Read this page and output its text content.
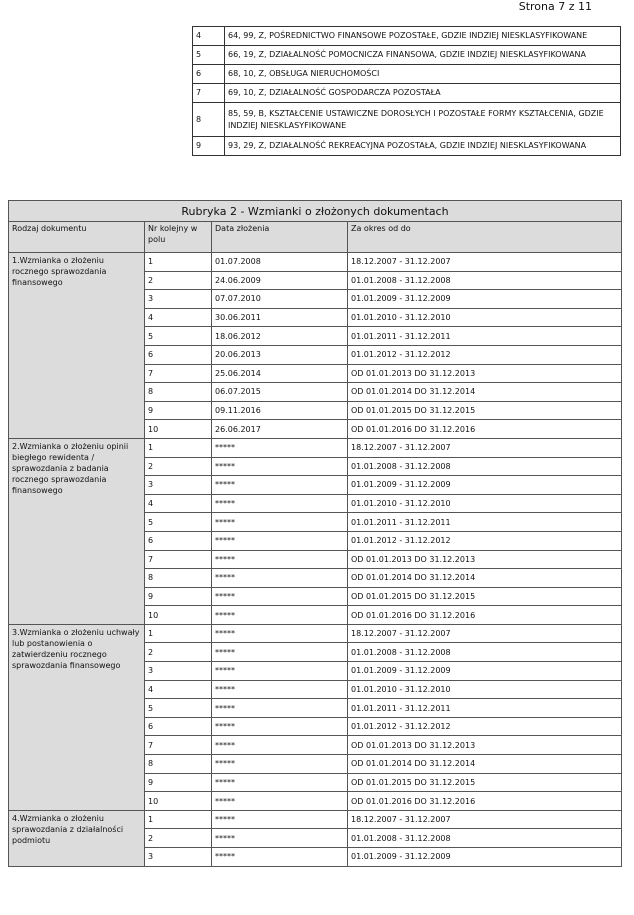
Strona 7 z 11
4	64, 99, Z, POŚREDNICTWO FINANSOWE POZOSTAŁE, GDZIE INDZIEJ NIESKLASYFIKOWANE
5	66, 19, Z, DZIAŁALNOŚĆ POMOCNICZA FINANSOWA, GDZIE INDZIEJ NIESKLASYFIKOWANA
6	68, 10, Z, OBSŁUGA NIERUCHOMOŚCI
7	69, 10, Z, DZIAŁALNOŚĆ GOSPODARCZA POZOSTAŁA
8	85, 59, B, KSZTAŁCENIE USTAWICZNE DOROSŁYCH I POZOSTAŁE FORMY KSZTAŁCENIA, GDZIE INDZIEJ NIESKLASYFIKOWANE
9	93, 29, Z, DZIAŁALNOŚĆ REKREACYJNA POZOSTAŁA, GDZIE INDZIEJ NIESKLASYFIKOWANA
Rubryka 2 - Wzmianki o złożonych dokumentach			
Rodzaj dokumentu	Nr kolejny w polu	Data złożenia	Za okres od do
1.Wzmianka o złożeniu rocznego sprawozdania finansowego	1	01.07.2008	18.12.2007 - 31.12.2007
	2	24.06.2009	01.01.2008 - 31.12.2008
	3	07.07.2010	01.01.2009 - 31.12.2009
	4	30.06.2011	01.01.2010 - 31.12.2010
	5	18.06.2012	01.01.2011 - 31.12.2011
	6	20.06.2013	01.01.2012 - 31.12.2012
	7	25.06.2014	OD 01.01.2013 DO 31.12.2013
	8	06.07.2015	OD 01.01.2014 DO 31.12.2014
	9	09.11.2016	OD 01.01.2015 DO 31.12.2015
	10	26.06.2017	OD 01.01.2016 DO 31.12.2016
2.Wzmianka o złożeniu opinii biegłego rewidenta / sprawozdania z badania rocznego sprawozdania finansowego	1	*****	18.12.2007 - 31.12.2007
	2	*****	01.01.2008 - 31.12.2008
	3	*****	01.01.2009 - 31.12.2009
	4	*****	01.01.2010 - 31.12.2010
	5	*****	01.01.2011 - 31.12.2011
	6	*****	01.01.2012 - 31.12.2012
	7	*****	OD 01.01.2013 DO 31.12.2013
	8	*****	OD 01.01.2014 DO 31.12.2014
	9	*****	OD 01.01.2015 DO 31.12.2015
	10	*****	OD 01.01.2016 DO 31.12.2016
3.Wzmianka o złożeniu uchwały lub postanowienia o zatwierdzeniu rocznego sprawozdania finansowego	1	*****	18.12.2007 - 31.12.2007
	2	*****	01.01.2008 - 31.12.2008
	3	*****	01.01.2009 - 31.12.2009
	4	*****	01.01.2010 - 31.12.2010
	5	*****	01.01.2011 - 31.12.2011
	6	*****	01.01.2012 - 31.12.2012
	7	*****	OD 01.01.2013 DO 31.12.2013
	8	*****	OD 01.01.2014 DO 31.12.2014
	9	*****	OD 01.01.2015 DO 31.12.2015
	10	*****	OD 01.01.2016 DO 31.12.2016
4.Wzmianka o złożeniu sprawozdania z działalności podmiotu	1	*****	18.12.2007 - 31.12.2007
	2	*****	01.01.2008 - 31.12.2008
	3	*****	01.01.2009 - 31.12.2009
